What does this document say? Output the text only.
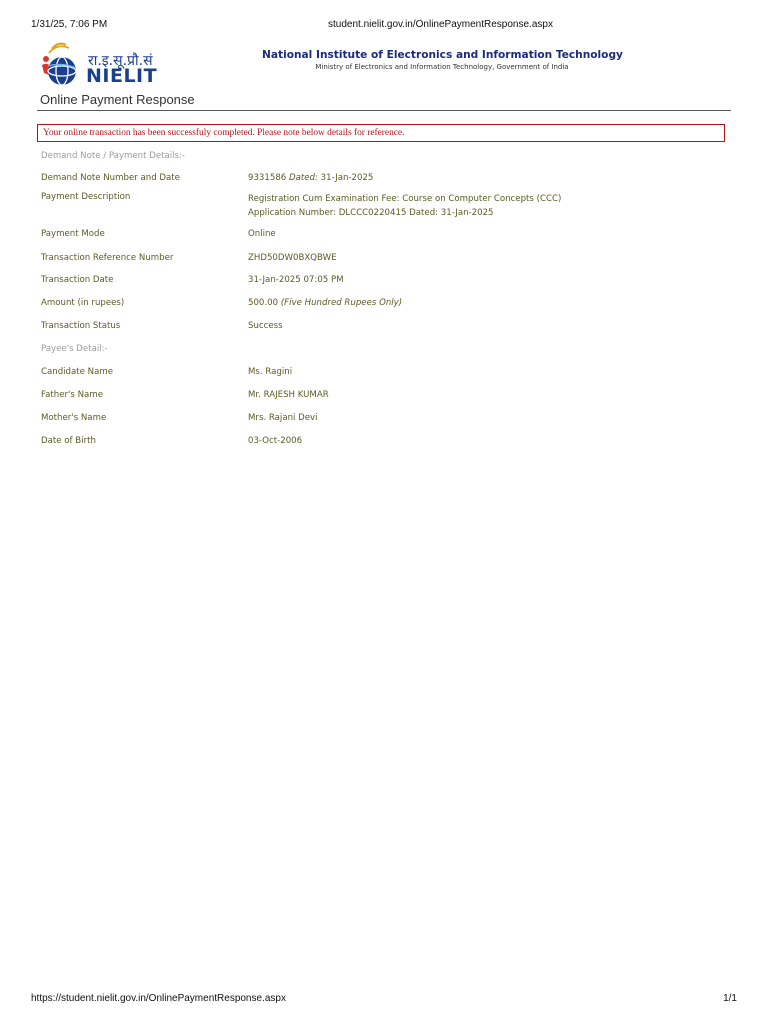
1/31/25, 7:06 PM	student.nielit.gov.in/OnlinePaymentResponse.aspx
रा.इ.सू.प्रौ.सं
NIELIT
Online Payment Response
National Institute of Electronics and Information Technology
Ministry of Electronics and Information Technology, Government of India
Your online transaction has been successfuly completed. Please note below details for reference.
Demand Note / Payment Details:-
Demand Note Number and Date	9331586 Dated: 31-Jan-2025
Payment Description	Registration Cum Examination Fee: Course on Computer Concepts (CCC)
Application Number: DLCCC0220415 Dated: 31-Jan-2025
Payment Mode	Online
Transaction Reference Number	ZHD50DW0BXQBWE
Transaction Date	31-Jan-2025 07:05 PM
Amount (in rupees)	500.00 (Five Hundred Rupees Only)
Transaction Status	Success
Payee's Detail:-
Candidate Name	Ms. Ragini
Father's Name	Mr. RAJESH KUMAR
Mother's Name	Mrs. Rajani Devi
Date of Birth	03-Oct-2006
https://student.nielit.gov.in/OnlinePaymentResponse.aspx	1/1
